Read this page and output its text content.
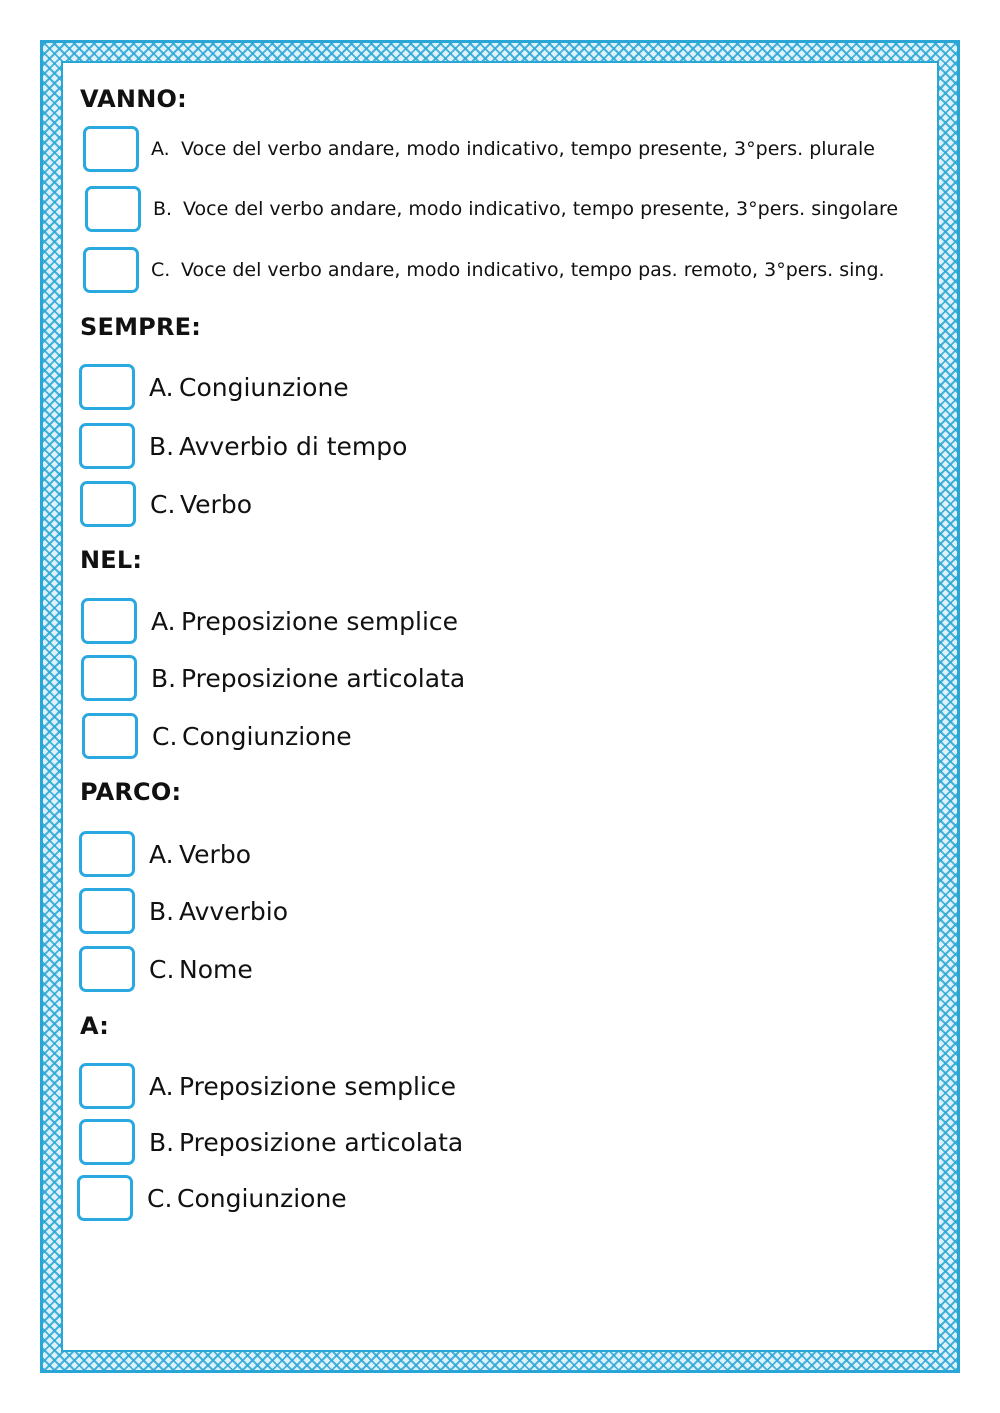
VANNO:
A. Voce del verbo andare, modo indicativo, tempo presente, 3°pers. plurale
B. Voce del verbo andare, modo indicativo, tempo presente, 3°pers. singolare
C. Voce del verbo andare, modo indicativo, tempo pas. remoto, 3°pers. sing.
SEMPRE:
A. Congiunzione
B. Avverbio di tempo
C. Verbo
NEL:
A. Preposizione semplice
B. Preposizione articolata
C. Congiunzione
PARCO:
A. Verbo
B. Avverbio
C. Nome
A:
A. Preposizione semplice
B. Preposizione articolata
C. Congiunzione
